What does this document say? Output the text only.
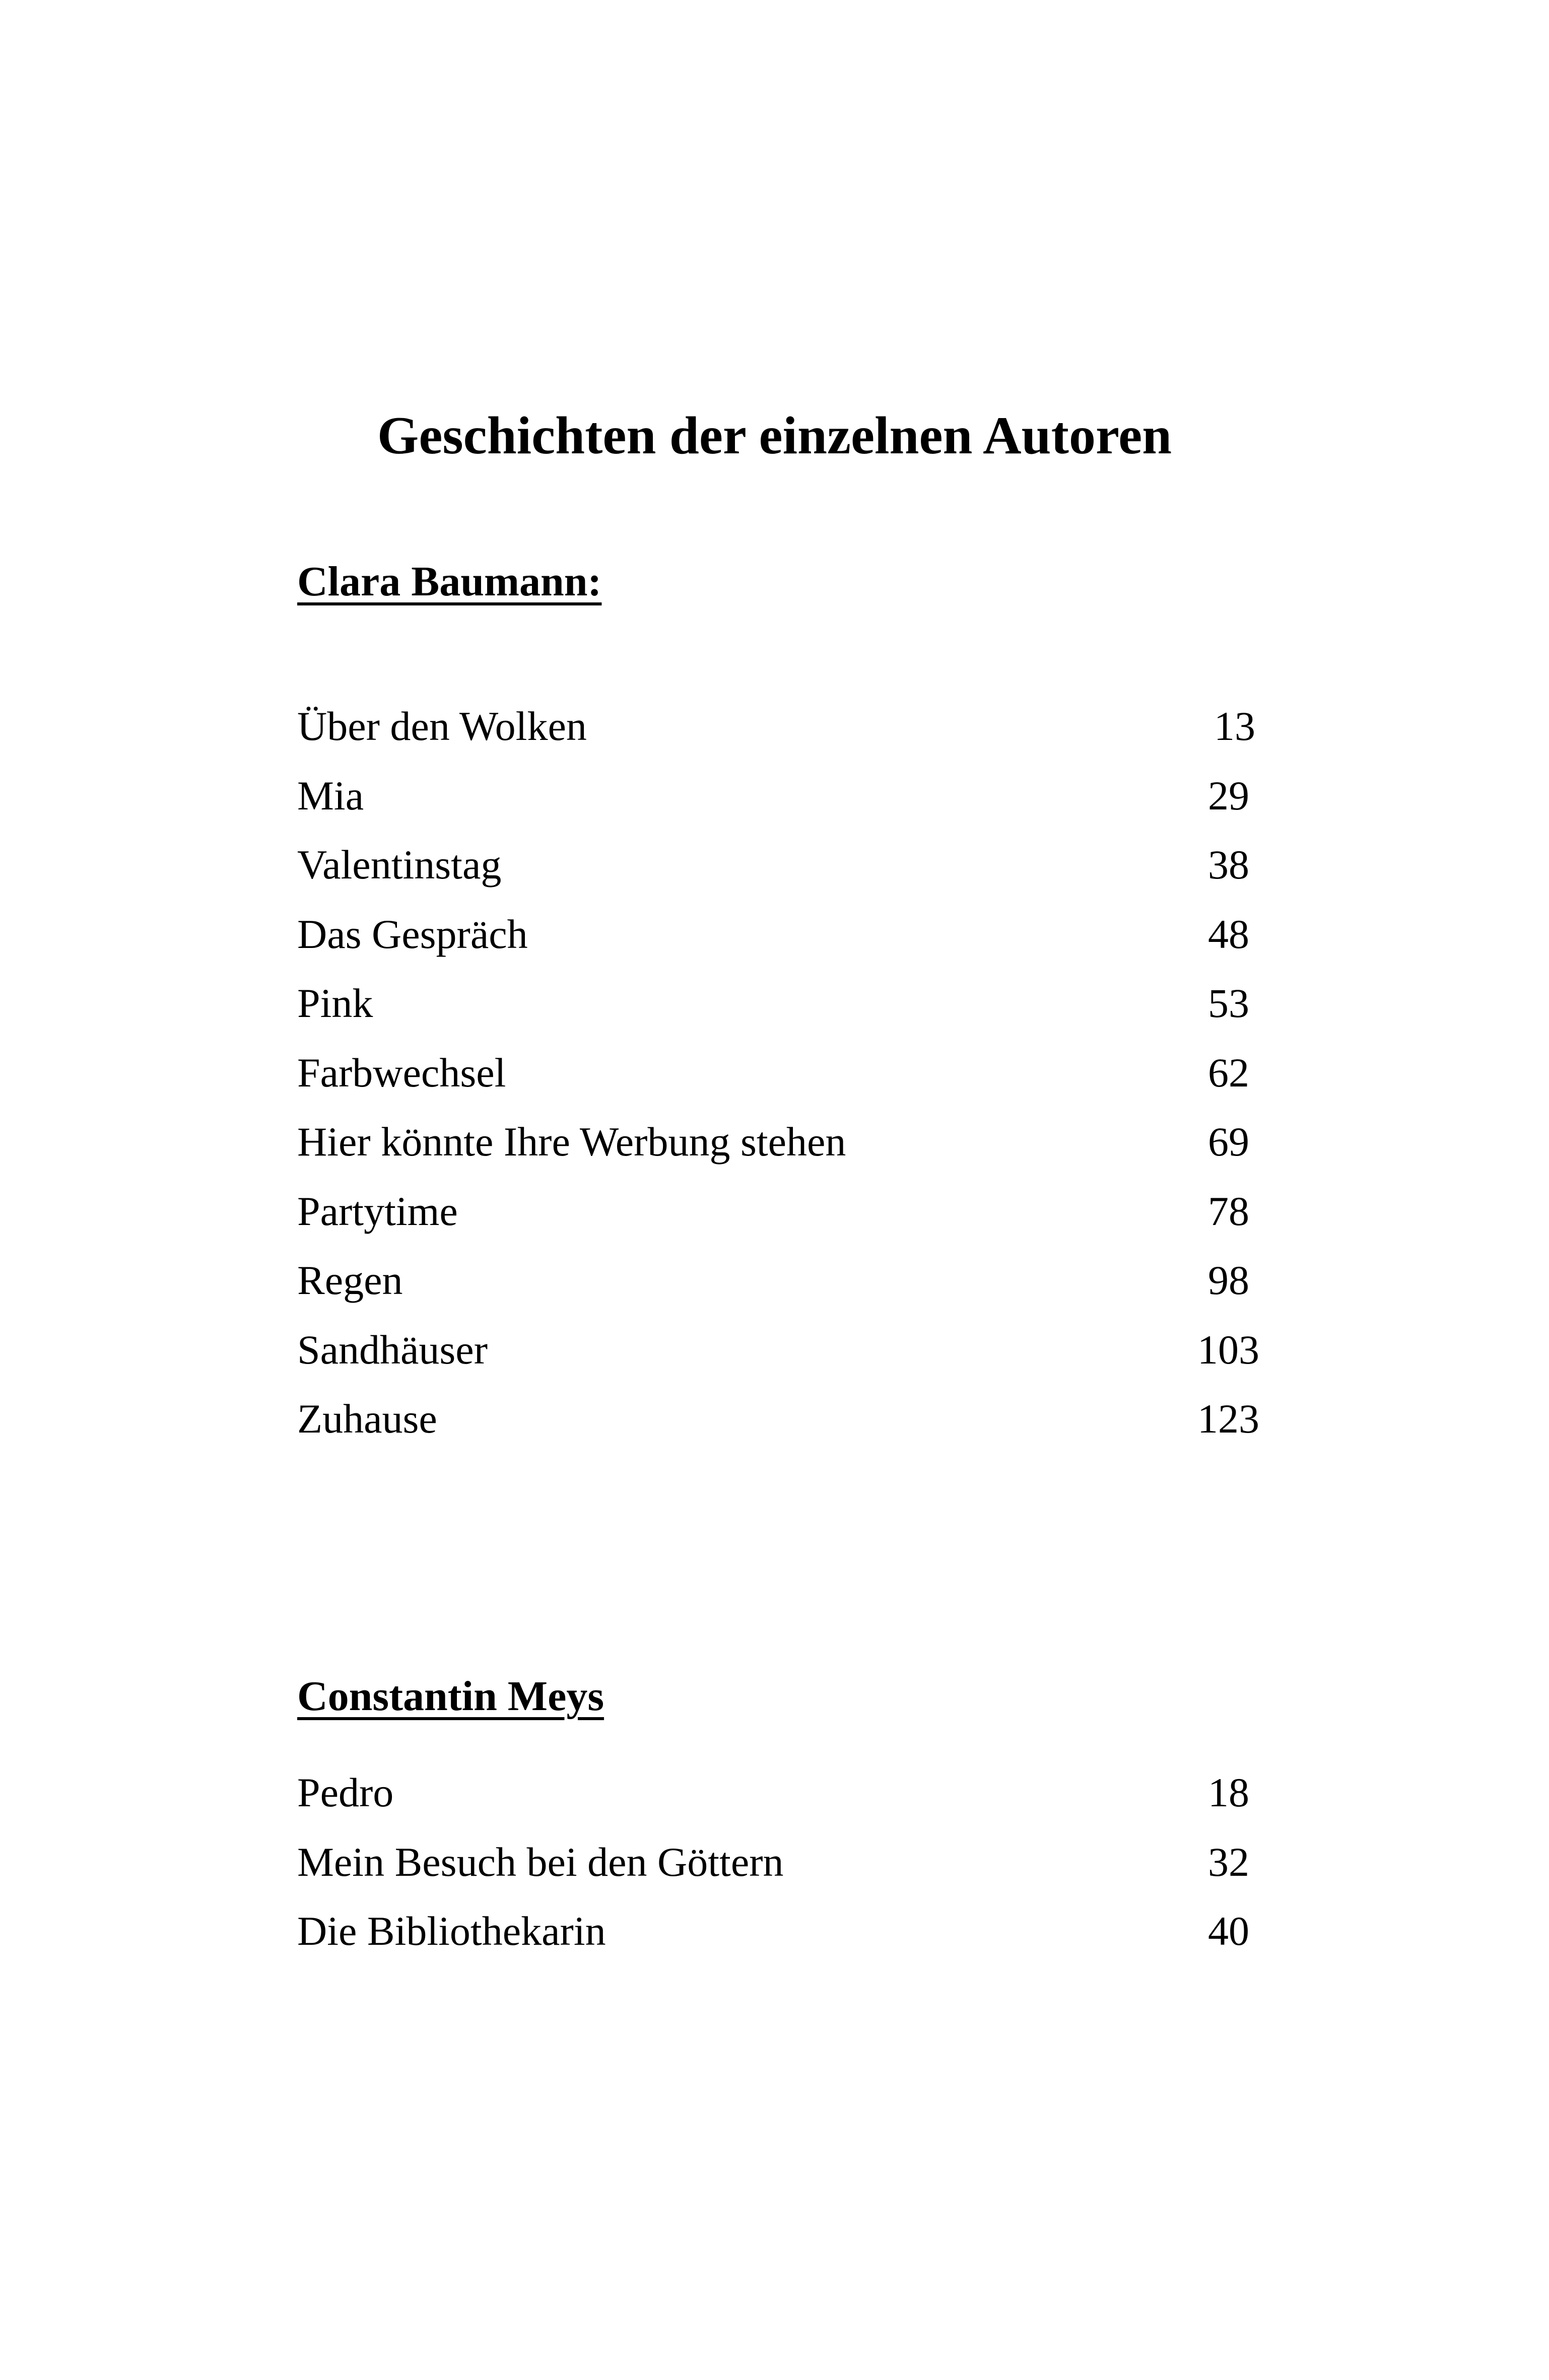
Geschichten der einzelnen Autoren
Clara Baumann:
Über den Wolken	13
Mia	29
Valentinstag	38
Das Gespräch	48
Pink	53
Farbwechsel	62
Hier könnte Ihre Werbung stehen	69
Partytime	78
Regen	98
Sandhäuser	103
Zuhause	123
Constantin Meys
Pedro	18
Mein Besuch bei den Göttern	32
Die Bibliothekarin	40
